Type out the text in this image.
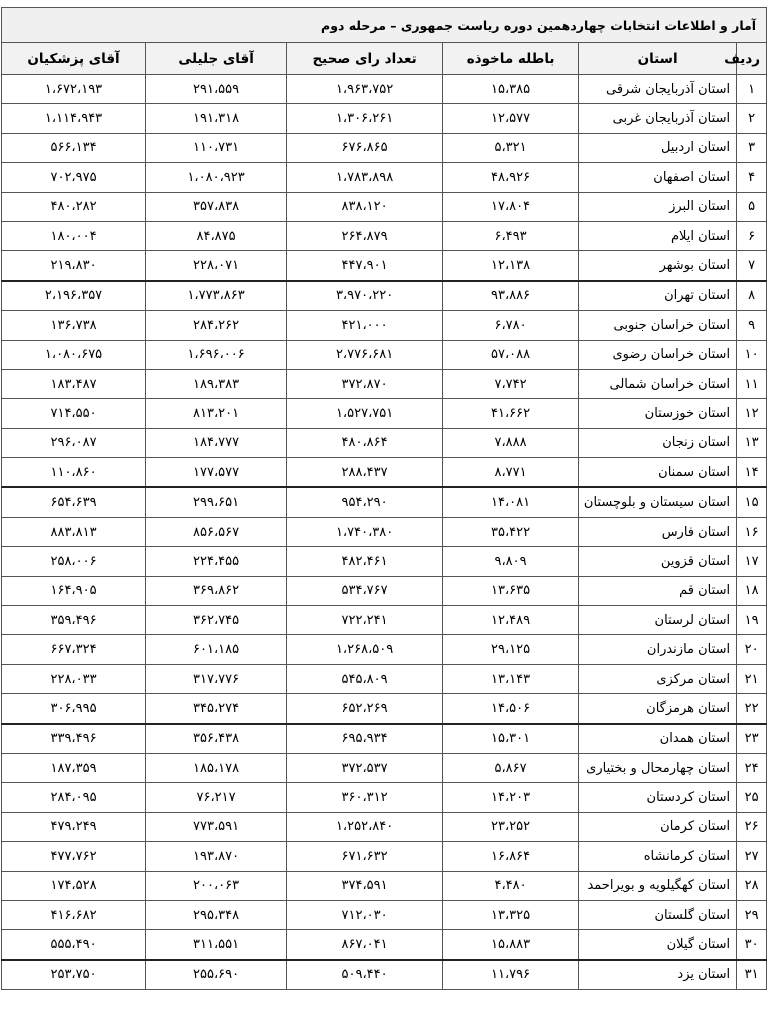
آمار و اطلاعات انتخابات چهاردهمین دوره ریاست جمهوری – مرحله دوم					
ردیف	استان	باطله ماخوذه	تعداد رای صحیح	آقای جلیلی	آقای پزشکیان
۱	استان آذربایجان شرقی	۱۵،۳۸۵	۱،۹۶۳،۷۵۲	۲۹۱،۵۵۹	۱،۶۷۲،۱۹۳
۲	استان آذربایجان غربی	۱۲،۵۷۷	۱،۳۰۶،۲۶۱	۱۹۱،۳۱۸	۱،۱۱۴،۹۴۳
۳	استان اردبیل	۵،۳۲۱	۶۷۶،۸۶۵	۱۱۰،۷۳۱	۵۶۶،۱۳۴
۴	استان اصفهان	۴۸،۹۲۶	۱،۷۸۳،۸۹۸	۱،۰۸۰،۹۲۳	۷۰۲،۹۷۵
۵	استان البرز	۱۷،۸۰۴	۸۳۸،۱۲۰	۳۵۷،۸۳۸	۴۸۰،۲۸۲
۶	استان ایلام	۶،۴۹۳	۲۶۴،۸۷۹	۸۴،۸۷۵	۱۸۰،۰۰۴
۷	استان بوشهر	۱۲،۱۳۸	۴۴۷،۹۰۱	۲۲۸،۰۷۱	۲۱۹،۸۳۰
۸	استان تهران	۹۳،۸۸۶	۳،۹۷۰،۲۲۰	۱،۷۷۳،۸۶۳	۲،۱۹۶،۳۵۷
۹	استان خراسان جنوبی	۶،۷۸۰	۴۲۱،۰۰۰	۲۸۴،۲۶۲	۱۳۶،۷۳۸
۱۰	استان خراسان رضوی	۵۷،۰۸۸	۲،۷۷۶،۶۸۱	۱،۶۹۶،۰۰۶	۱،۰۸۰،۶۷۵
۱۱	استان خراسان شمالی	۷،۷۴۲	۳۷۲،۸۷۰	۱۸۹،۳۸۳	۱۸۳،۴۸۷
۱۲	استان خوزستان	۴۱،۶۶۲	۱،۵۲۷،۷۵۱	۸۱۳،۲۰۱	۷۱۴،۵۵۰
۱۳	استان زنجان	۷،۸۸۸	۴۸۰،۸۶۴	۱۸۴،۷۷۷	۲۹۶،۰۸۷
۱۴	استان سمنان	۸،۷۷۱	۲۸۸،۴۳۷	۱۷۷،۵۷۷	۱۱۰،۸۶۰
۱۵	استان سیستان و بلوچستان	۱۴،۰۸۱	۹۵۴،۲۹۰	۲۹۹،۶۵۱	۶۵۴،۶۳۹
۱۶	استان فارس	۳۵،۴۲۲	۱،۷۴۰،۳۸۰	۸۵۶،۵۶۷	۸۸۳،۸۱۳
۱۷	استان قزوین	۹،۸۰۹	۴۸۲،۴۶۱	۲۲۴،۴۵۵	۲۵۸،۰۰۶
۱۸	استان قم	۱۳،۶۳۵	۵۳۴،۷۶۷	۳۶۹،۸۶۲	۱۶۴،۹۰۵
۱۹	استان لرستان	۱۲،۴۸۹	۷۲۲،۲۴۱	۳۶۲،۷۴۵	۳۵۹،۴۹۶
۲۰	استان مازندران	۲۹،۱۲۵	۱،۲۶۸،۵۰۹	۶۰۱،۱۸۵	۶۶۷،۳۲۴
۲۱	استان مرکزی	۱۳،۱۴۳	۵۴۵،۸۰۹	۳۱۷،۷۷۶	۲۲۸،۰۳۳
۲۲	استان هرمزگان	۱۴،۵۰۶	۶۵۲،۲۶۹	۳۴۵،۲۷۴	۳۰۶،۹۹۵
۲۳	استان همدان	۱۵،۳۰۱	۶۹۵،۹۳۴	۳۵۶،۴۳۸	۳۳۹،۴۹۶
۲۴	استان چهارمحال و بختیاری	۵،۸۶۷	۳۷۲،۵۳۷	۱۸۵،۱۷۸	۱۸۷،۳۵۹
۲۵	استان کردستان	۱۴،۲۰۳	۳۶۰،۳۱۲	۷۶،۲۱۷	۲۸۴،۰۹۵
۲۶	استان کرمان	۲۳،۲۵۲	۱،۲۵۲،۸۴۰	۷۷۳،۵۹۱	۴۷۹،۲۴۹
۲۷	استان کرمانشاه	۱۶،۸۶۴	۶۷۱،۶۳۲	۱۹۳،۸۷۰	۴۷۷،۷۶۲
۲۸	استان کهگیلویه و بویراحمد	۴،۴۸۰	۳۷۴،۵۹۱	۲۰۰،۰۶۳	۱۷۴،۵۲۸
۲۹	استان گلستان	۱۳،۳۲۵	۷۱۲،۰۳۰	۲۹۵،۳۴۸	۴۱۶،۶۸۲
۳۰	استان گیلان	۱۵،۸۸۳	۸۶۷،۰۴۱	۳۱۱،۵۵۱	۵۵۵،۴۹۰
۳۱	استان یزد	۱۱،۷۹۶	۵۰۹،۴۴۰	۲۵۵،۶۹۰	۲۵۳،۷۵۰
